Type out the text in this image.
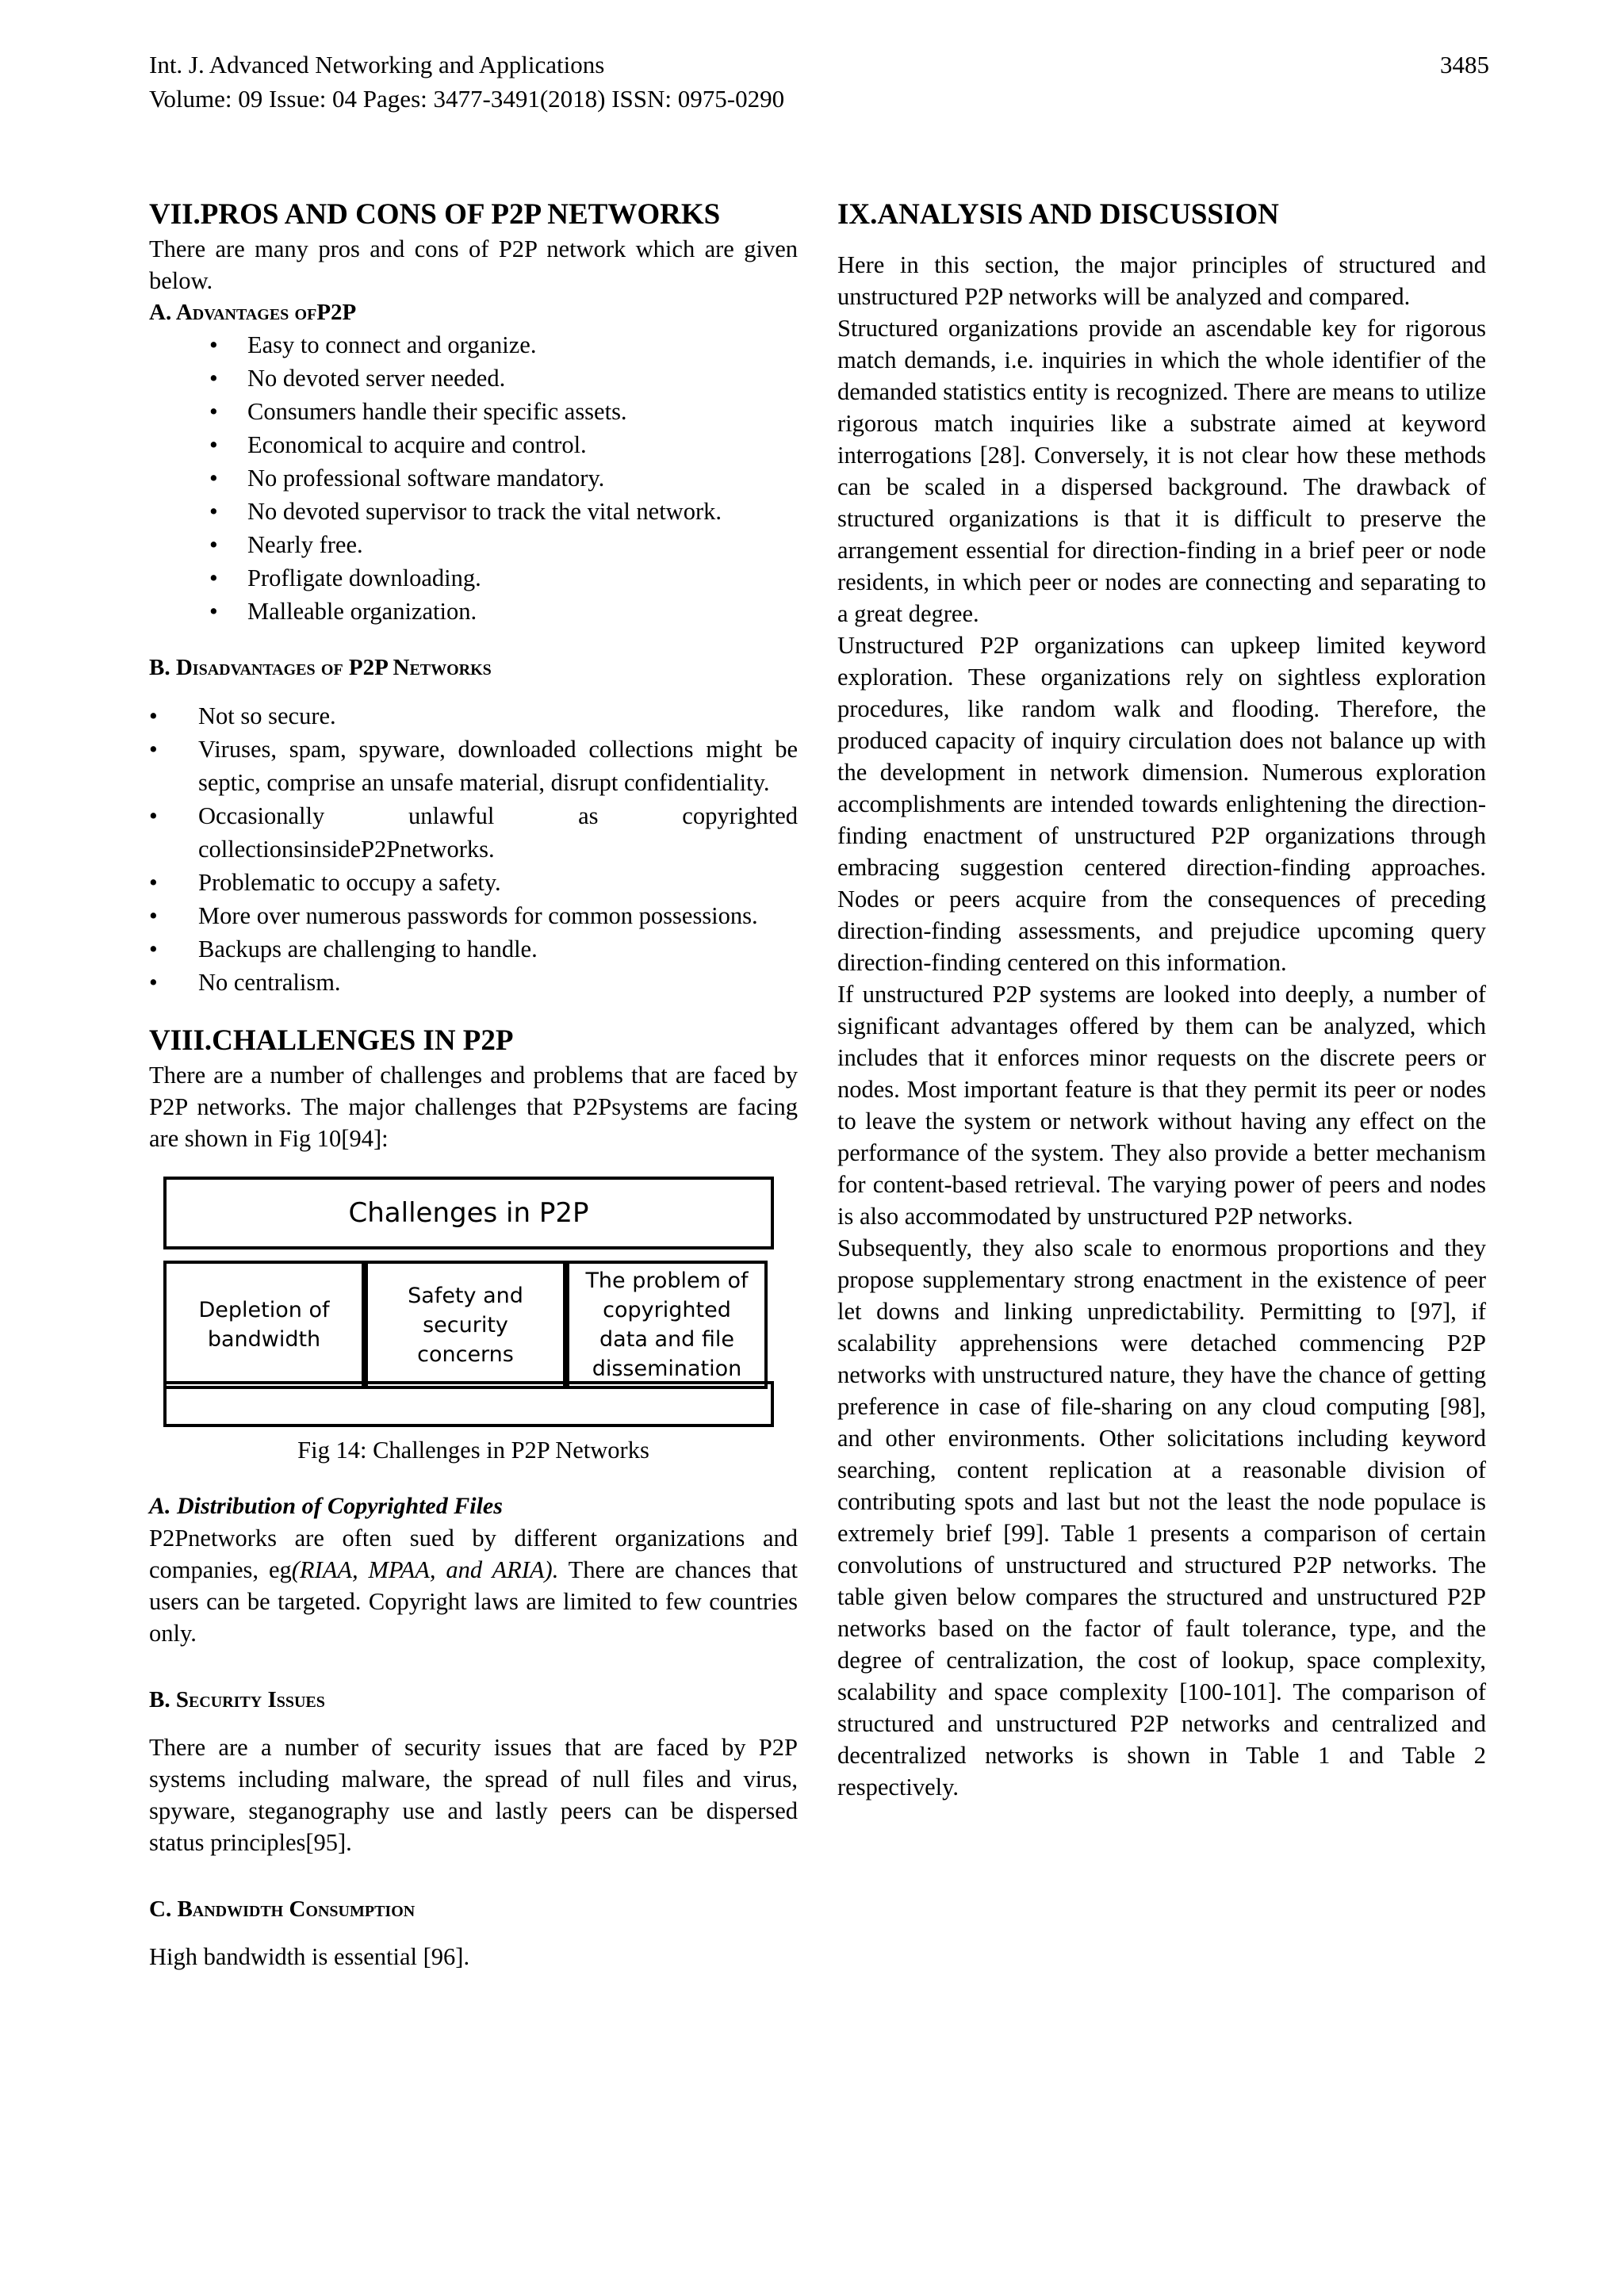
Int. J. Advanced Networking and Applications
Volume: 09 Issue: 04 Pages: 3477-3491(2018) ISSN: 0975-0290
3485
VII.PROS AND CONS OF P2P NETWORKS

There are many pros and cons of P2P network which are given below.

A. Advantages ofP2P

• Easy to connect and organize.
• No devoted server needed.
• Consumers handle their specific assets.
• Economical to acquire and control.
• No professional software mandatory.
• No devoted supervisor to track the vital network.
• Nearly free.
• Profligate downloading.
• Malleable organization.

B. Disadvantages of P2P Networks

• Not so secure.
• Viruses, spam, spyware, downloaded collections might be septic, comprise an unsafe material, disrupt confidentiality.
• Occasionally unlawful as copyrighted collectionsinsideP2Pnetworks.
• Problematic to occupy a safety.
• More over numerous passwords for common possessions.
• Backups are challenging to handle.
• No centralism.
VIII.CHALLENGES IN P2P

There are a number of challenges and problems that are faced by P2P networks. The major challenges that P2Psystems are facing are shown in Fig 10[94]:

Challenges in P2P
Depletion of
bandwidth
Safety and
security
concerns
The problem of
copyrighted
data and file
dissemination

Fig 14: Challenges in P2P Networks

A. Distribution of Copyrighted Files

P2Pnetworks are often sued by different organizations and companies, eg(RIAA, MPAA, and ARIA). There are chances that users can be targeted. Copyright laws are limited to few countries only.

B. Security Issues

There are a number of security issues that are faced by P2P systems including malware, the spread of null files and virus, spyware, steganography use and lastly peers can be dispersed status principles[95].

C. Bandwidth Consumption

High bandwidth is essential [96].

IX.ANALYSIS AND DISCUSSION

Here in this section, the major principles of structured and unstructured P2P networks will be analyzed and compared.

Structured organizations provide an ascendable key for rigorous match demands, i.e. inquiries in which the whole identifier of the demanded statistics entity is recognized. There are means to utilize rigorous match inquiries like a substrate aimed at keyword interrogations [28]. Conversely, it is not clear how these methods can be scaled in a dispersed background. The drawback of structured organizations is that it is difficult to preserve the arrangement essential for direction-finding in a brief peer or node residents, in which peer or nodes are connecting and separating to a great degree.

Unstructured P2P organizations can upkeep limited keyword exploration. These organizations rely on sightless exploration procedures, like random walk and flooding. Therefore, the produced capacity of inquiry circulation does not balance up with the development in network dimension. Numerous exploration accomplishments are intended towards enlightening the direction-finding enactment of unstructured P2P organizations through embracing suggestion centered direction-finding approaches. Nodes or peers acquire from the consequences of preceding direction-finding assessments, and prejudice upcoming query direction-finding centered on this information.

If unstructured P2P systems are looked into deeply, a number of significant advantages offered by them can be analyzed, which includes that it enforces minor requests on the discrete peers or nodes. Most important feature is that they permit its peer or nodes to leave the system or network without having any effect on the performance of the system. They also provide a better mechanism for content-based retrieval. The varying power of peers and nodes is also accommodated by unstructured P2P networks.

Subsequently, they also scale to enormous proportions and they propose supplementary strong enactment in the existence of peer let downs and linking unpredictability. Permitting to [97], if scalability apprehensions were detached commencing P2P networks with unstructured nature, they have the chance of getting preference in case of file-sharing on any cloud computing [98], and other environments. Other solicitations including keyword searching, content replication at a reasonable division of contributing spots and last but not the least the node populace is extremely brief [99]. Table 1 presents a comparison of certain convolutions of unstructured and structured P2P networks. The table given below compares the structured and unstructured P2P networks based on the factor of fault tolerance, type, and the degree of centralization, the cost of lookup, space complexity, scalability and space complexity [100-101]. The comparison of structured and unstructured P2P networks and centralized and decentralized networks is shown in Table 1 and Table 2 respectively.
